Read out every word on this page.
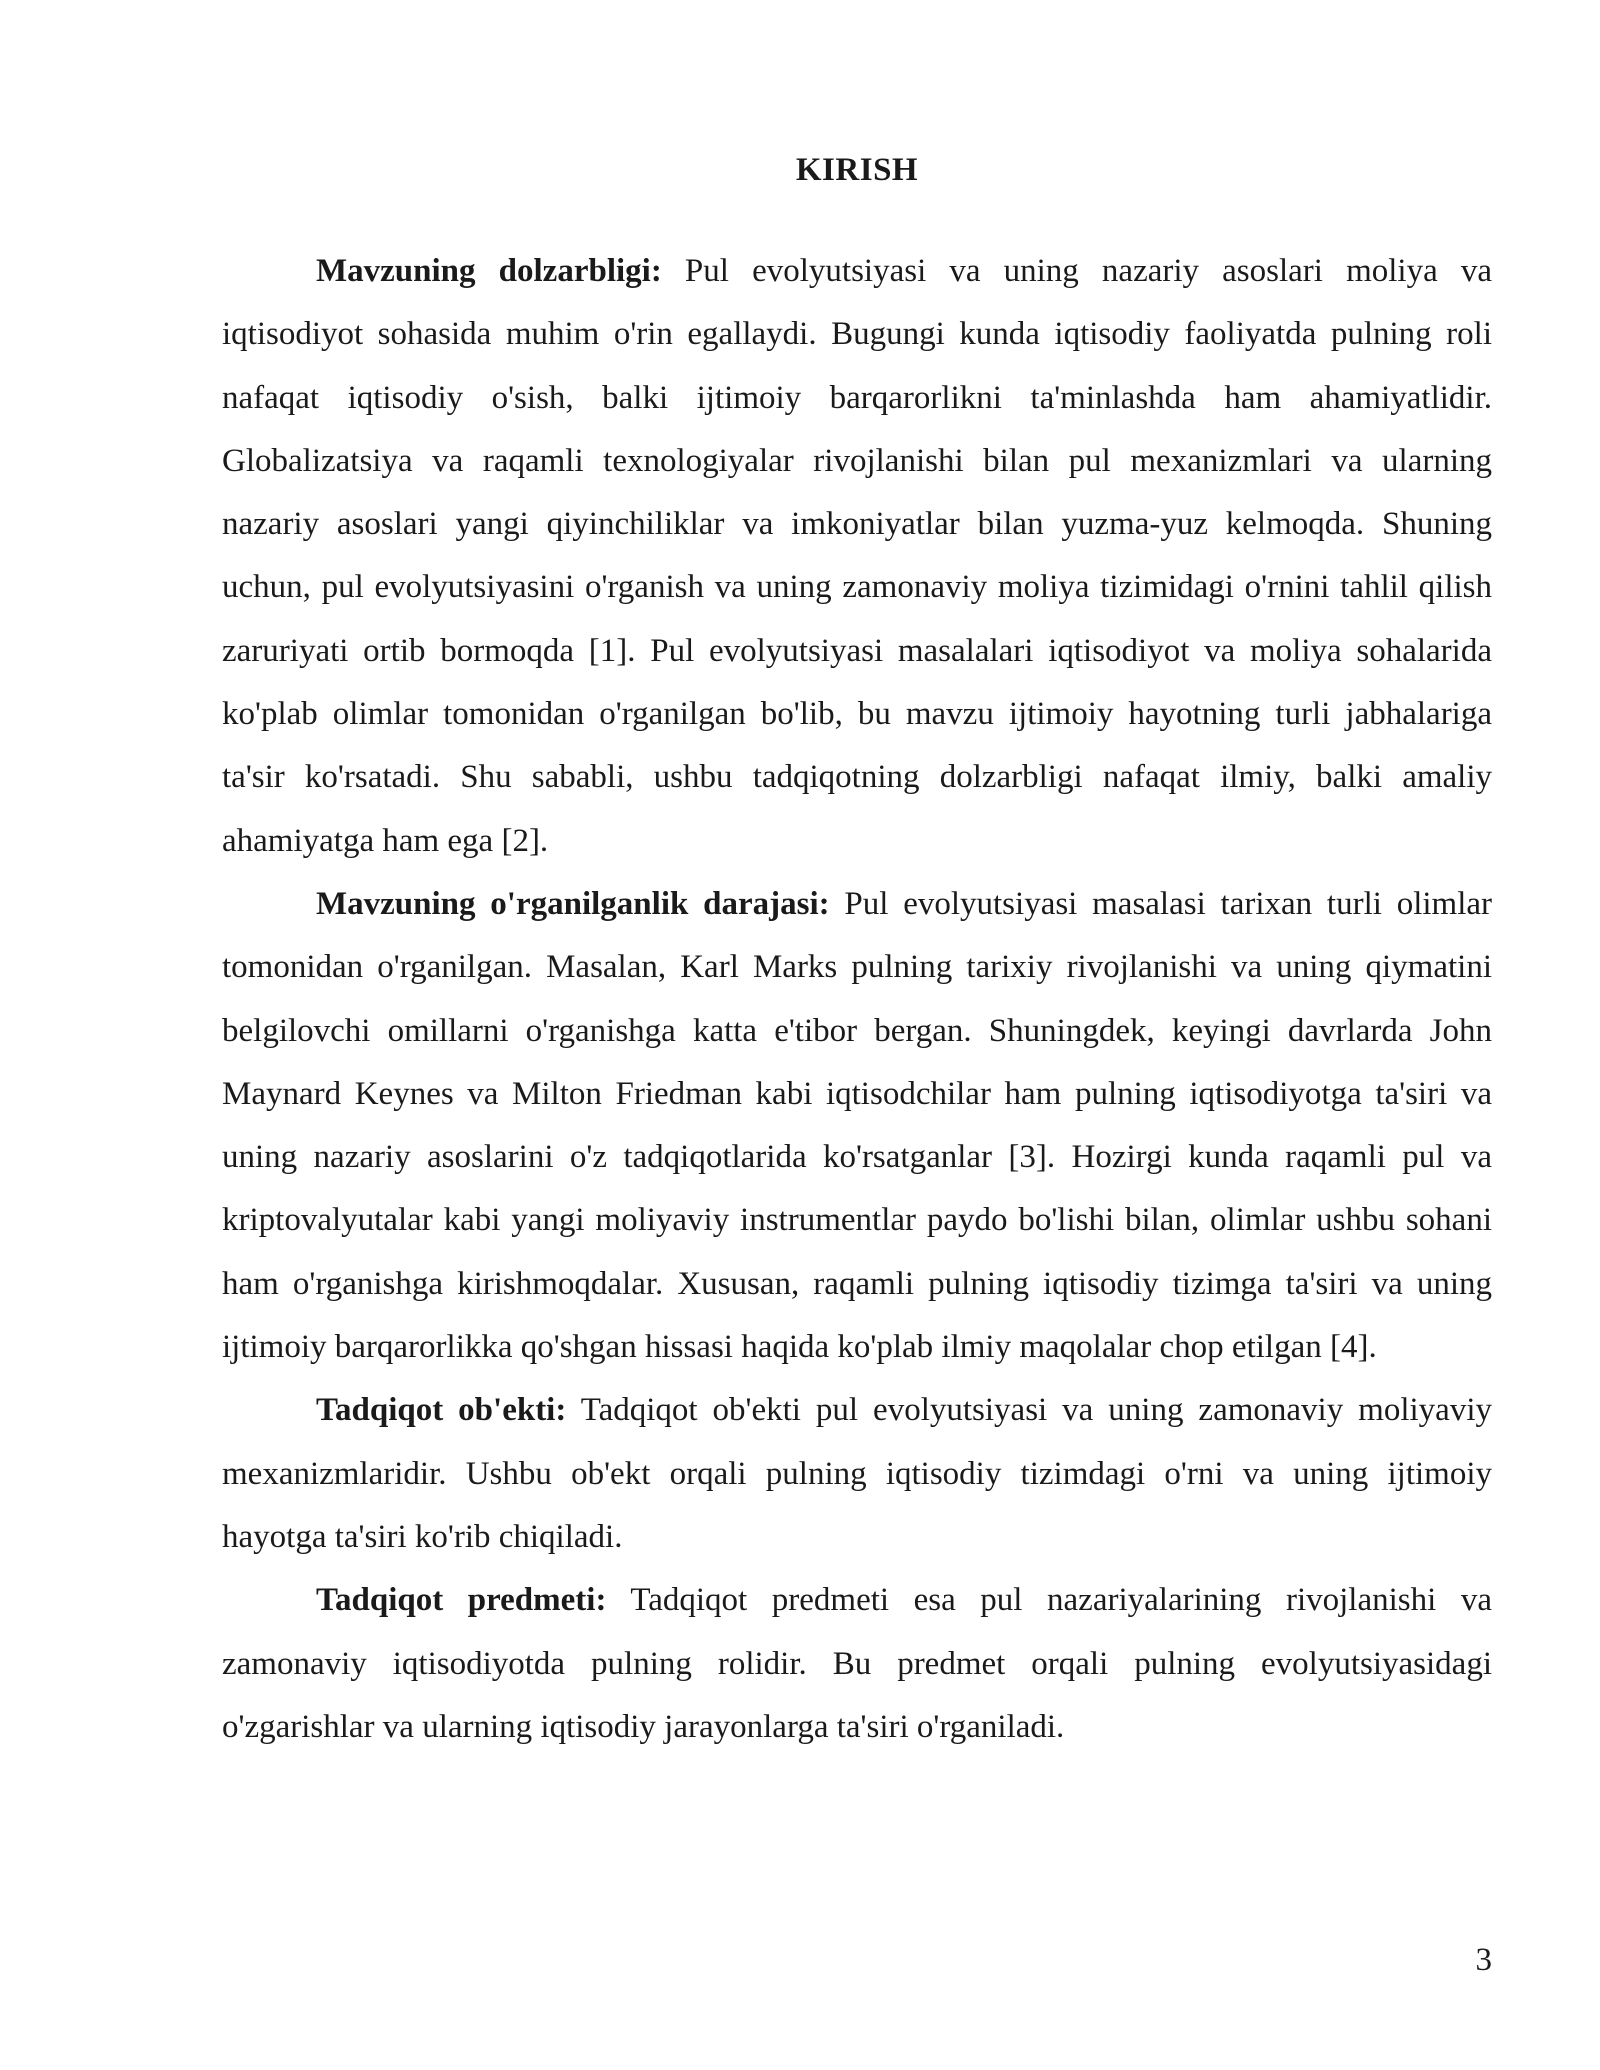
KIRISH

Mavzuning dolzarbligi: Pul evolyutsiyasi va uning nazariy asoslari moliya va iqtisodiyot sohasida muhim o'rin egallaydi. Bugungi kunda iqtisodiy faoliyatda pulning roli nafaqat iqtisodiy o'sish, balki ijtimoiy barqarorlikni ta'minlashda ham ahamiyatlidir. Globalizatsiya va raqamli texnologiyalar rivojlanishi bilan pul mexanizmlari va ularning nazariy asoslari yangi qiyinchiliklar va imkoniyatlar bilan yuzma-yuz kelmoqda. Shuning uchun, pul evolyutsiyasini o'rganish va uning zamonaviy moliya tizimidagi o'rnini tahlil qilish zaruriyati ortib bormoqda [1]. Pul evolyutsiyasi masalalari iqtisodiyot va moliya sohalarida ko'plab olimlar tomonidan o'rganilgan bo'lib, bu mavzu ijtimoiy hayotning turli jabhalariga ta'sir ko'rsatadi. Shu sababli, ushbu tadqiqotning dolzarbligi nafaqat ilmiy, balki amaliy ahamiyatga ham ega [2].

Mavzuning o'rganilganlik darajasi: Pul evolyutsiyasi masalasi tarixan turli olimlar tomonidan o'rganilgan. Masalan, Karl Marks pulning tarixiy rivojlanishi va uning qiymatini belgilovchi omillarni o'rganishga katta e'tibor bergan. Shuningdek, keyingi davrlarda John Maynard Keynes va Milton Friedman kabi iqtisodchilar ham pulning iqtisodiyotga ta'siri va uning nazariy asoslarini o'z tadqiqotlarida ko'rsatganlar [3]. Hozirgi kunda raqamli pul va kriptovalyutalar kabi yangi moliyaviy instrumentlar paydo bo'lishi bilan, olimlar ushbu sohani ham o'rganishga kirishmoqdalar. Xususan, raqamli pulning iqtisodiy tizimga ta'siri va uning ijtimoiy barqarorlikka qo'shgan hissasi haqida ko'plab ilmiy maqolalar chop etilgan [4].

Tadqiqot ob'ekti: Tadqiqot ob'ekti pul evolyutsiyasi va uning zamonaviy moliyaviy mexanizmlaridir. Ushbu ob'ekt orqali pulning iqtisodiy tizimdagi o'rni va uning ijtimoiy hayotga ta'siri ko'rib chiqiladi.

Tadqiqot predmeti: Tadqiqot predmeti esa pul nazariyalarining rivojlanishi va zamonaviy iqtisodiyotda pulning rolidir. Bu predmet orqali pulning evolyutsiyasidagi o'zgarishlar va ularning iqtisodiy jarayonlarga ta'siri o'rganiladi.

3
